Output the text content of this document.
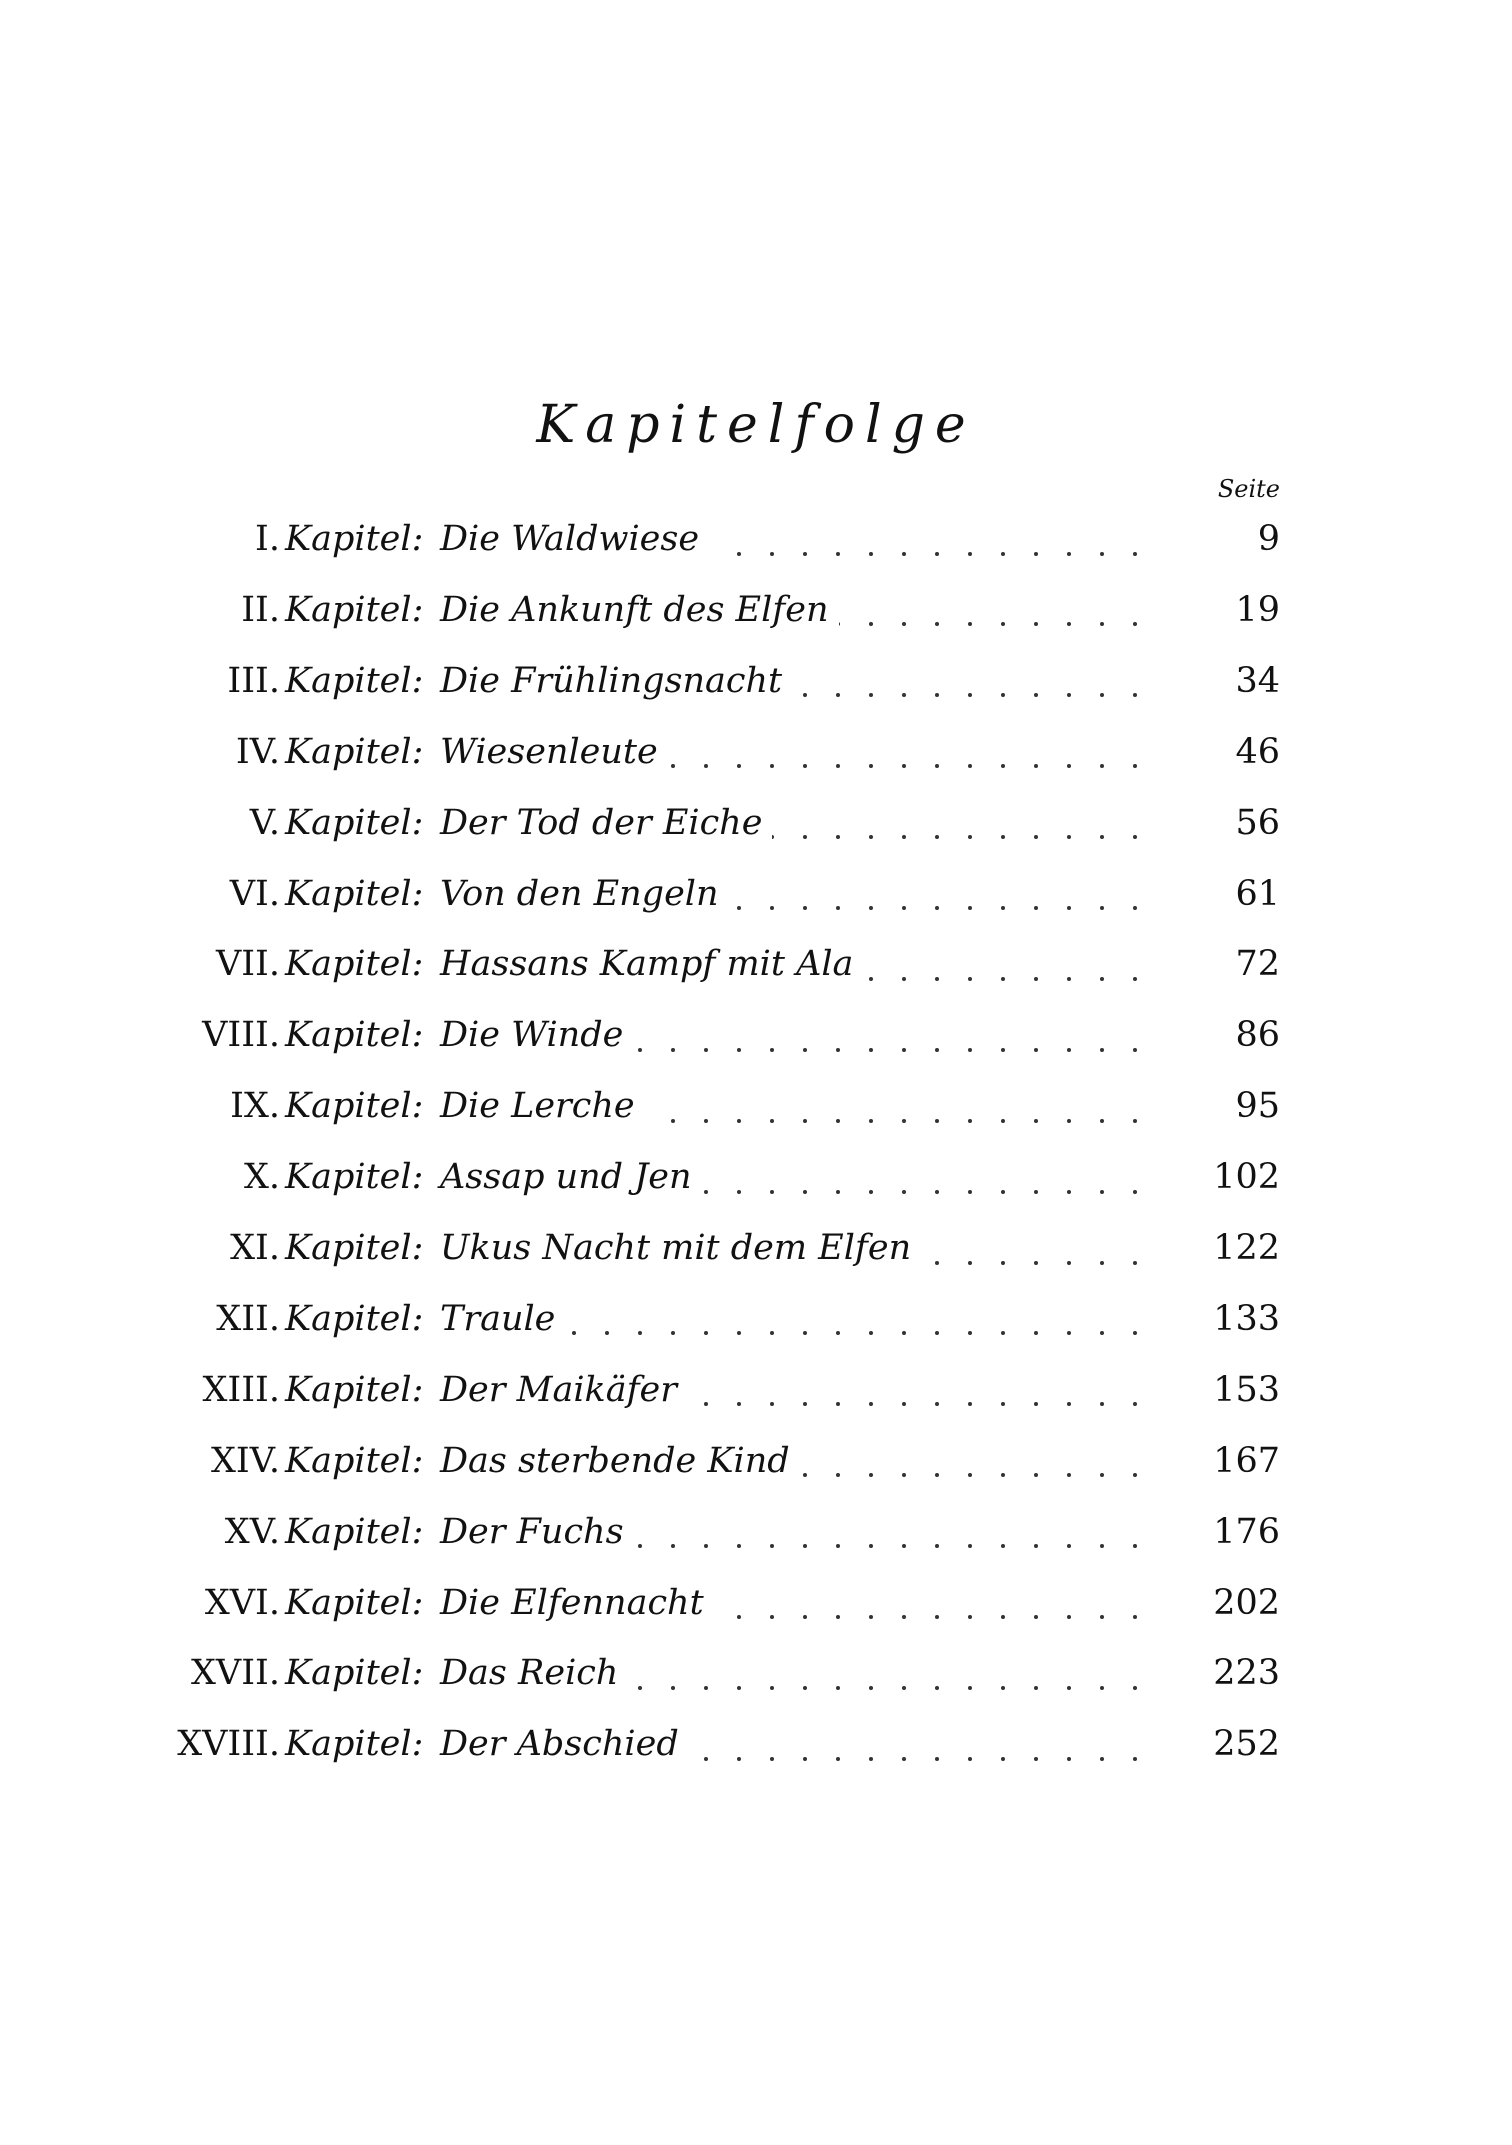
Kapitelfolge
Seite
I. Kapitel: Die Waldwiese	9
II. Kapitel: Die Ankunft des Elfen	19
III. Kapitel: Die Frühlingsnacht	34
IV. Kapitel: Wiesenleute	46
V. Kapitel: Der Tod der Eiche	56
VI. Kapitel: Von den Engeln	61
VII. Kapitel: Hassans Kampf mit Ala	72
VIII. Kapitel: Die Winde	86
IX. Kapitel: Die Lerche	95
X. Kapitel: Assap und Jen	102
XI. Kapitel: Ukus Nacht mit dem Elfen	122
XII. Kapitel: Traule	133
XIII. Kapitel: Der Maikäfer	153
XIV. Kapitel: Das sterbende Kind	167
XV. Kapitel: Der Fuchs	176
XVI. Kapitel: Die Elfennacht	202
XVII. Kapitel: Das Reich	223
XVIII. Kapitel: Der Abschied	252
